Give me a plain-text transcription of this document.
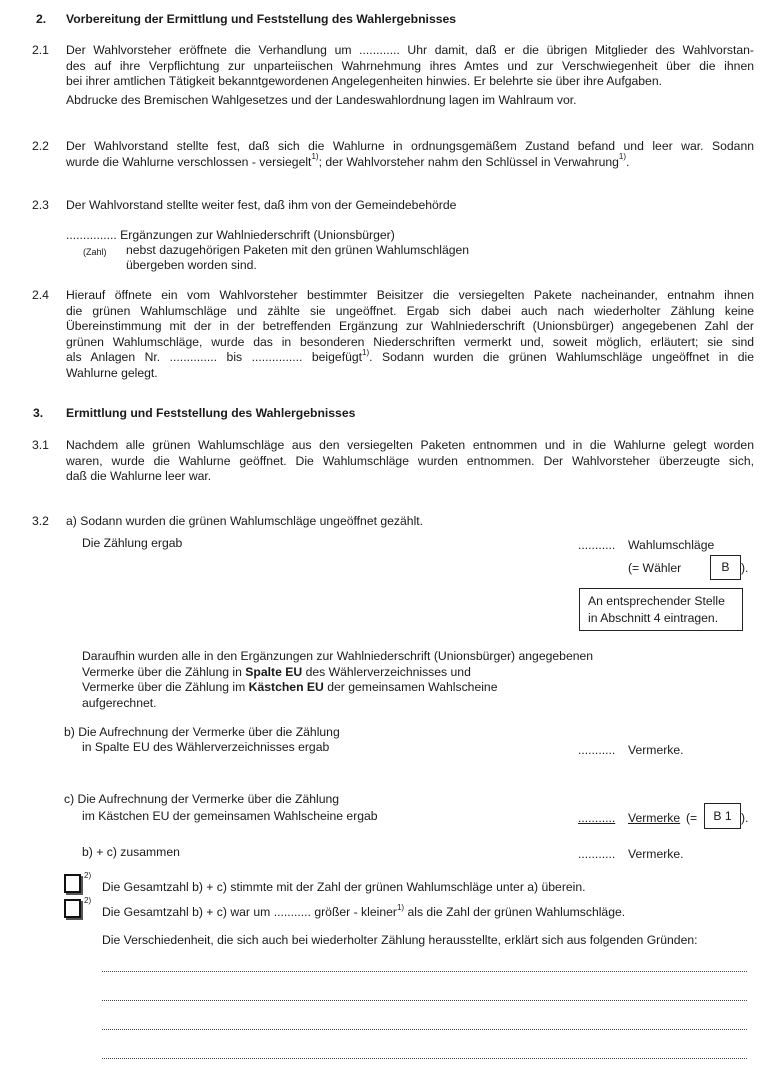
2. Vorbereitung der Ermittlung und Feststellung des Wahlergebnisses
2.1 Der Wahlvorsteher eröffnete die Verhandlung um ............ Uhr damit, daß er die übrigen Mitglieder des Wahlvorstan-
des auf ihre Verpflichtung zur unparteiischen Wahrnehmung ihres Amtes und zur Verschwiegenheit über die ihnen
bei ihrer amtlichen Tätigkeit bekanntgewordenen Angelegenheiten hinwies. Er belehrte sie über ihre Aufgaben.
Abdrucke des Bremischen Wahlgesetzes und der Landeswahlordnung lagen im Wahlraum vor.
2.2 Der Wahlvorstand stellte fest, daß sich die Wahlurne in ordnungsgemäßem Zustand befand und leer war. Sodann
wurde die Wahlurne verschlossen - versiegelt$^{1)}$; der Wahlvorsteher nahm den Schlüssel in Verwahrung$^{1)}$.
2.3 Der Wahlvorstand stellte weiter fest, daß ihm von der Gemeindebehörde
............... Ergänzungen zur Wahlniederschrift (Unionsbürger)
(Zahl) nebst dazugehörigen Paketen mit den grünen Wahlumschlägen
übergeben worden sind.
2.4 Hierauf öffnete ein vom Wahlvorsteher bestimmter Beisitzer die versiegelten Pakete nacheinander, entnahm ihnen
die grünen Wahlumschläge und zählte sie ungeöffnet. Ergab sich dabei auch nach wiederholter Zählung keine
Übereinstimmung mit der in der betreffenden Ergänzung zur Wahlniederschrift (Unionsbürger) angegebenen Zahl der
grünen Wahlumschläge, wurde das in besonderen Niederschriften vermerkt und, soweit möglich, erläutert; sie sind
als Anlagen Nr. .............. bis ............... beigefügt$^{1)}$. Sodann wurden die grünen Wahlumschläge ungeöffnet in die
Wahlurne gelegt.
3. Ermittlung und Feststellung des Wahlergebnisses
3.1 Nachdem alle grünen Wahlumschläge aus den versiegelten Paketen entnommen und in die Wahlurne gelegt worden
waren, wurde die Wahlurne geöffnet. Die Wahlumschläge wurden entnommen. Der Wahlvorsteher überzeugte sich,
daß die Wahlurne leer war.
3.2 a) Sodann wurden die grünen Wahlumschläge ungeöffnet gezählt.
Die Zählung ergab	........... Wahlumschläge
(= Wähler	B ).
An entsprechender Stelle
in Abschnitt 4 eintragen.
Daraufhin wurden alle in den Ergänzungen zur Wahlniederschrift (Unionsbürger) angegebenen
Vermerke über die Zählung in Spalte EU des Wählerverzeichnisses und
Vermerke über die Zählung im Kästchen EU der gemeinsamen Wahlscheine
aufgerechnet.
b) Die Aufrechnung der Vermerke über die Zählung
in Spalte EU des Wählerverzeichnisses ergab	........... Vermerke.
c) Die Aufrechnung der Vermerke über die Zählung
im Kästchen EU der gemeinsamen Wahlscheine ergab	........... Vermerke (=	B 1 ).
b) + c) zusammen	........... Vermerke.
$^{2)}$
Die Gesamtzahl b) + c) stimmte mit der Zahl der grünen Wahlumschläge unter a) überein.
$^{2)}$
Die Gesamtzahl b) + c) war um ........... größer - kleiner$^{1)}$ als die Zahl der grünen Wahlumschläge.
Die Verschiedenheit, die sich auch bei wiederholter Zählung herausstellte, erklärt sich aus folgenden Gründen:
